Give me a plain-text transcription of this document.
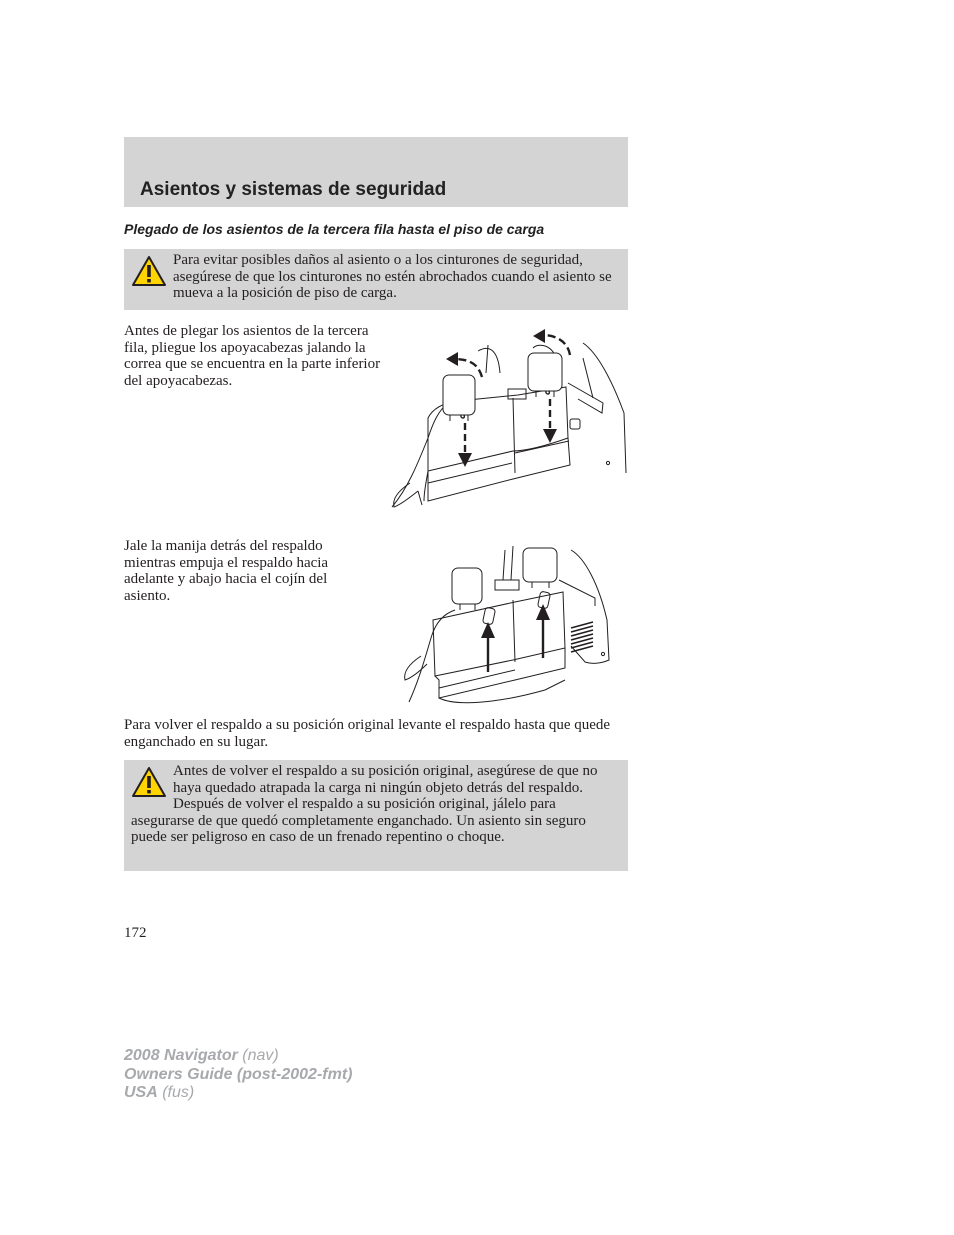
Asientos y sistemas de seguridad

Plegado de los asientos de la tercera fila hasta el piso de carga

Para evitar posibles daños al asiento o a los cinturones de seguridad, asegúrese de que los cinturones no estén abrochados cuando el asiento se mueva a la posición de piso de carga.

Antes de plegar los asientos de la tercera fila, pliegue los apoyacabezas jalando la correa que se encuentra en la parte inferior del apoyacabezas.

Jale la manija detrás del respaldo mientras empuja el respaldo hacia adelante y abajo hacia el cojín del asiento.

Para volver el respaldo a su posición original levante el respaldo hasta que quede enganchado en su lugar.

Antes de volver el respaldo a su posición original, asegúrese de que no haya quedado atrapada la carga ni ningún objeto detrás del respaldo. Después de volver el respaldo a su posición original, jálelo para asegurarse de que quedó completamente enganchado. Un asiento sin seguro puede ser peligroso en caso de un frenado repentino o choque.

172

2008 Navigator (nav)
Owners Guide (post-2002-fmt)
USA (fus)
